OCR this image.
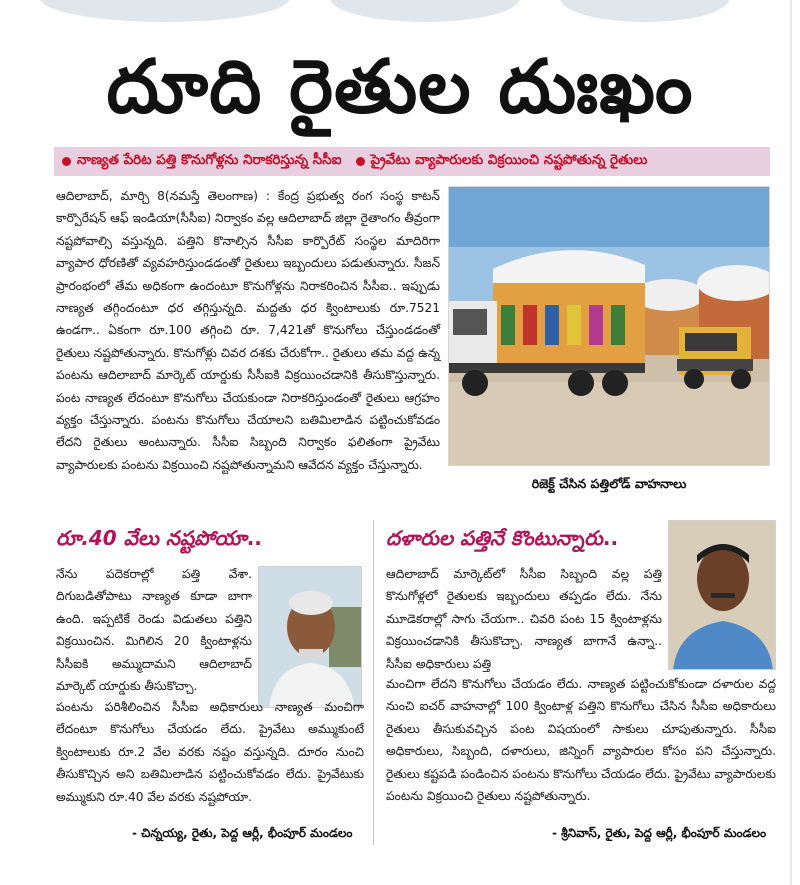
దూది రైతుల దుఃఖం
నాణ్యత పేరిట పత్తి కొనుగోళ్లను నిరాకరిస్తున్న సీసీఐ ప్రైవేటు వ్యాపారులకు విక్రయించి నష్టపోతున్న రైతులు
ఆదిలాబాద్, మార్చి 8(నమస్తే తెలంగాణ) : కేంద్ర ప్రభుత్వ రంగ సంస్థ కాటన్ కార్పొరేషన్ ఆఫ్ ఇండియా(సీసీఐ) నిర్వాకం వల్ల ఆదిలాబాద్ జిల్లా రైతాంగం తీవ్రంగా నష్టపోవాల్సి వస్తున్నది. పత్తిని కొనాల్సిన సీసీఐ కార్పొరేట్ సంస్థల మాదిరిగా వ్యాపార ధోరణితో వ్యవహరిస్తుండడంతో రైతులు ఇబ్బందులు పడుతున్నారు. సీజన్ ప్రారంభంలో తేమ అధికంగా ఉందంటూ కొనుగోళ్లను నిరాకరించిన సీసీఐ.. ఇప్పుడు నాణ్యత తగ్గిందంటూ ధర తగ్గిస్తున్నది. మద్దతు ధర క్వింటాలుకు రూ.7521 ఉండగా.. ఏకంగా రూ.100 తగ్గించి రూ. 7,421తో కొనుగోలు చేస్తుండడంతో రైతులు నష్టపోతున్నారు. కొనుగోళ్లు చివర దశకు చేరుకోగా.. రైతులు తమ వద్ద ఉన్న పంటను ఆదిలాబాద్ మార్కెట్ యార్డుకు సీసీఐకి విక్రయించడానికి తీసుకొస్తున్నారు. పంట నాణ్యత లేదంటూ కొనుగోలు చేయకుండా నిరాకరిస్తుండంతో రైతులు ఆగ్రహం వ్యక్తం చేస్తున్నారు. పంటను కొనుగోలు చేయాలని బతిమిలాడిన పట్టించుకోవడం లేదని రైతులు అంటున్నారు. సీసీఐ సిబ్బంది నిర్వాకం ఫలితంగా ప్రైవేటు వ్యాపారులకు పంటను విక్రయించి నష్టపోతున్నామని ఆవేదన వ్యక్తం చేస్తున్నారు.
రిజెక్ట్ చేసిన పత్తిలోడ్ వాహనాలు
రూ.40 వేలు నష్టపోయా..
నేను పదెకరాల్లో పత్తి వేశా. దిగుబడితోపాటు నాణ్యత కూడా బాగా ఉంది. ఇప్పటికే రెండు విడుతలు పత్తిని విక్రయించిన. మిగిలిన 20 క్వింటాళ్లను సీసీఐకి అమ్ముదామని ఆదిలాబాద్ మార్కెట్ యార్డుకు తీసుకొచ్చా.
పంటను పరిశీలించిన సీసీఐ అధికారులు నాణ్యత మంచిగా లేదంటూ కొనుగోలు చేయడం లేదు. ప్రైవేటు అమ్ముకుంటే క్వింటాలుకు రూ.2 వేల వరకు నష్టం వస్తున్నది. దూరం నుంచి తీసుకొచ్చిన అని బతిమిలాడిన పట్టించుకోవడం లేదు. ప్రైవేటుకు అమ్ముకుని రూ.40 వేల వరకు నష్టపోయా.
- చిన్నయ్య, రైతు, పెద్ద ఆర్లీ, భీంపూర్ మండలం
దళారుల పత్తినే కొంటున్నారు..
ఆదిలాబాద్ మార్కెట్‌లో సీసీఐ సిబ్బంది వల్ల పత్తి కొనుగోళ్లలో రైతులకు ఇబ్బందులు తప్పడం లేదు. నేను మూడెకరాల్లో సాగు చేయగా.. చివరి పంట 15 క్వింటాళ్లను విక్రయించడానికి తీసుకొచ్చా. నాణ్యత బాగానే ఉన్నా.. సీసీఐ అధికారులు పత్తి
మంచిగా లేదని కొనుగోలు చేయడం లేదు. నాణ్యత పట్టించుకోకుండా దళారుల వద్ద నుంచి ఐచర్ వాహనాల్లో 100 క్వింటాళ్ల పత్తిని కొనుగోలు చేసిన సీసీఐ అధికారులు రైతులు తీసుకువచ్చిన పంట విషయంలో సాకులు చూపుతున్నారు. సీసీఐ అధికారులు, సిబ్బంది, దళారులు, జిన్నింగ్ వ్యాపారుల కోసం పని చేస్తున్నారు. రైతులు కష్టపడి పండించిన పంటను కొనుగోలు చేయడం లేదు. ప్రైవేటు వ్యాపారులకు పంటను విక్రయించి రైతులు నష్టపోతున్నారు.
- శ్రీనివాస్, రైతు, పెద్ద ఆర్లీ, భీంపూర్ మండలం
